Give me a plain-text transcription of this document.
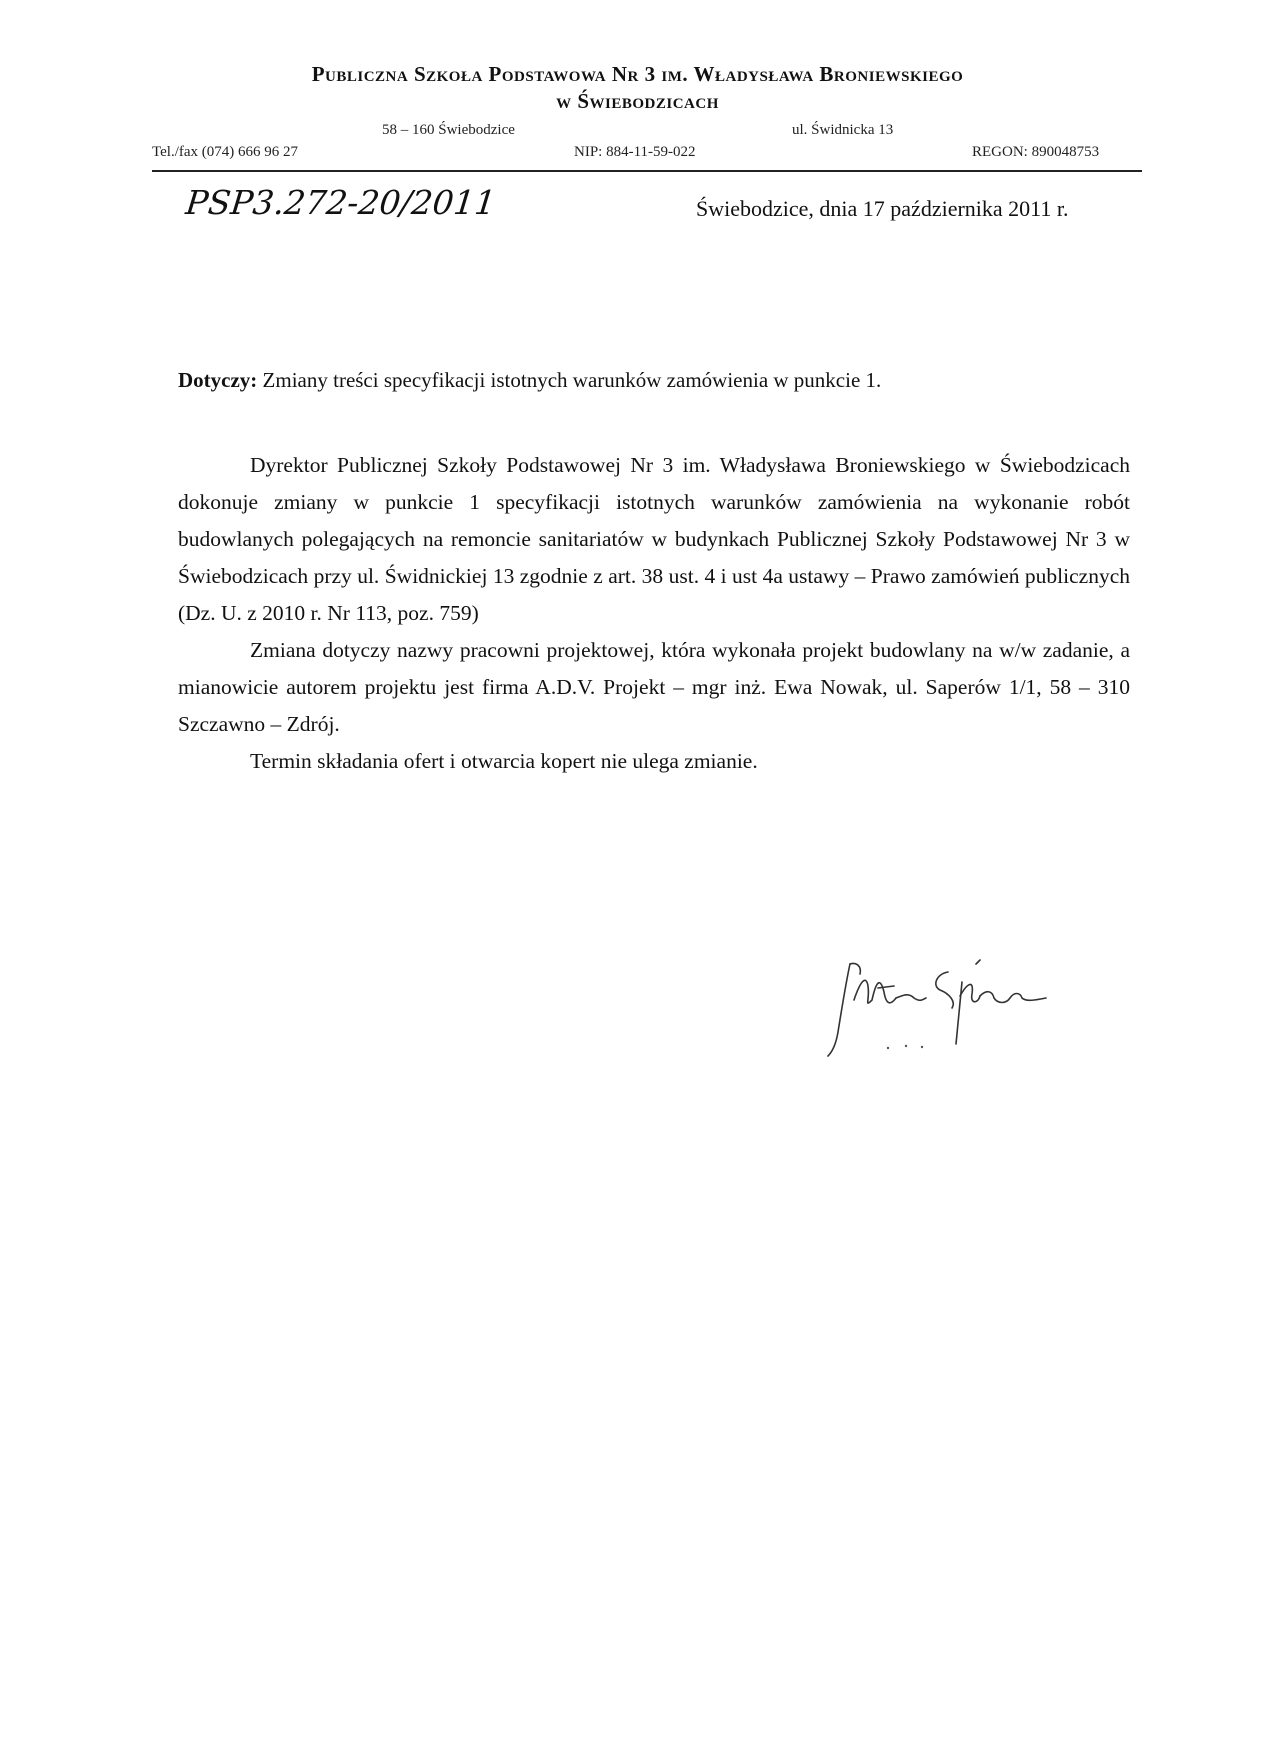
Publiczna Szkoła Podstawowa Nr 3 im. Władysława Broniewskiego
w Świebodzicach
58 – 160 Świebodzice	ul. Świdnicka 13
Tel./fax (074) 666 96 27	NIP: 884-11-59-022	REGON: 890048753
PSP3.272-20/2011	Świebodzice, dnia 17 października 2011 r.
Dotyczy: Zmiany treści specyfikacji istotnych warunków zamówienia w punkcie 1.

Dyrektor Publicznej Szkoły Podstawowej Nr 3 im. Władysława Broniewskiego w Świebodzicach dokonuje zmiany w punkcie 1 specyfikacji istotnych warunków zamówienia na wykonanie robót budowlanych polegających na remoncie sanitariatów w budynkach Publicznej Szkoły Podstawowej Nr 3 w Świebodzicach przy ul. Świdnickiej 13 zgodnie z art. 38 ust. 4 i ust 4a ustawy – Prawo zamówień publicznych (Dz. U. z 2010 r. Nr 113, poz. 759)

Zmiana dotyczy nazwy pracowni projektowej, która wykonała projekt budowlany na w/w zadanie, a mianowicie autorem projektu jest firma A.D.V. Projekt – mgr inż. Ewa Nowak, ul. Saperów 1/1, 58 – 310 Szczawno – Zdrój.

Termin składania ofert i otwarcia kopert nie ulega zmianie.
